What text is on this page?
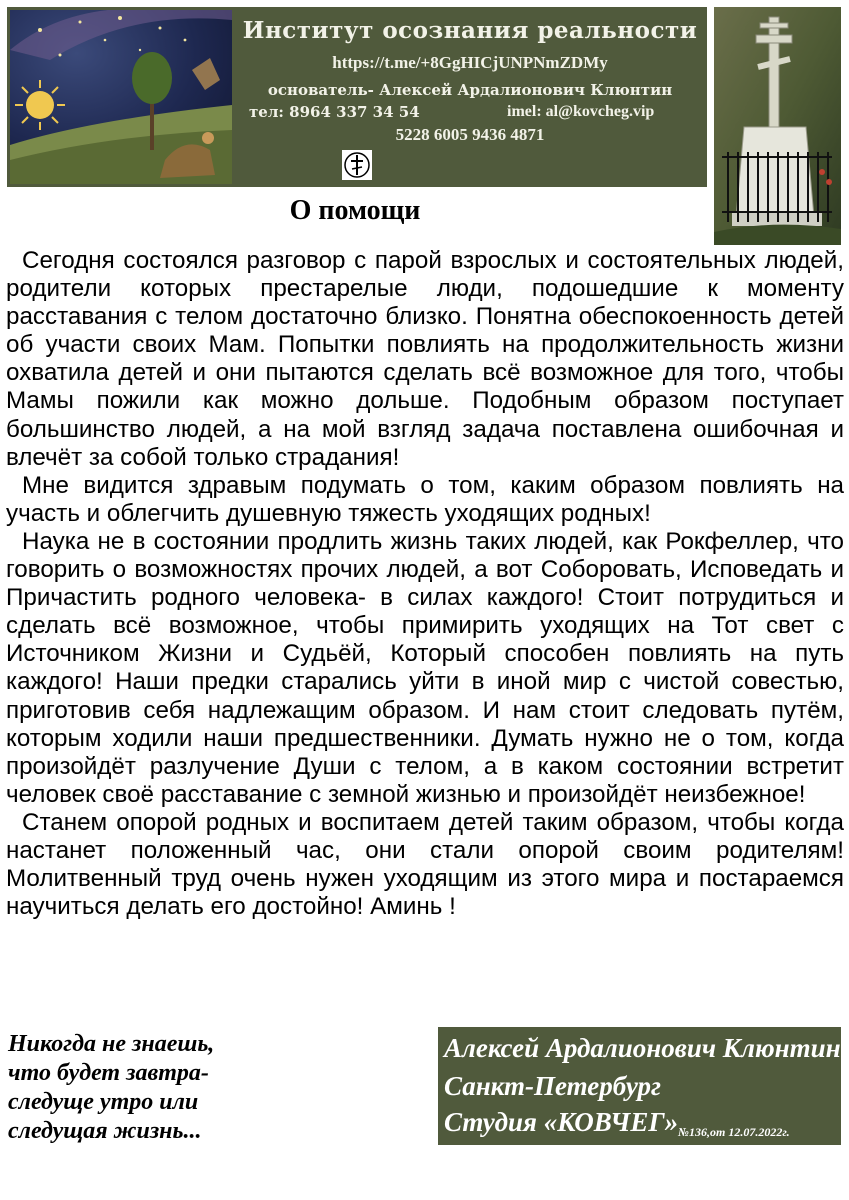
Институт осознания реальности
https://t.me/+8GgHICjUNPNmZDMy
основатель- Алексей Ардалионович Клюнтин
тел: 8964 337 34 54	imel: al@kovcheg.vip
5228 6005 9436 4871
О помощи

Сегодня состоялся разговор с парой взрослых и состоятельных людей, родители которых престарелые люди, подошедшие к моменту расставания с телом достаточно близко. Понятна обеспокоенность детей об участи своих Мам. Попытки повлиять на продолжительность жизни охватила детей и они пытаются сделать всё возможное для того, чтобы Мамы пожили как можно дольше. Подобным образом поступает большинство людей, а на мой взгляд задача поставлена ошибочная и влечёт за собой только страдания!

Мне видится здравым подумать о том, каким образом повлиять на участь и облегчить душевную тяжесть уходящих родных!

Наука не в состоянии продлить жизнь таких людей, как Рокфеллер, что говорить о возможностях прочих людей, а вот Соборовать, Исповедать и Причастить родного человека- в силах каждого! Стоит потрудиться и сделать всё возможное, чтобы примирить уходящих на Тот свет с Источником Жизни и Судьёй, Который способен повлиять на путь каждого! Наши предки старались уйти в иной мир с чистой совестью, приготовив себя надлежащим образом. И нам стоит следовать путём, которым ходили наши предшественники. Думать нужно не о том, когда произойдёт разлучение Души с телом, а в каком состоянии встретит человек своё расставание с земной жизнью и произойдёт неизбежное!

Станем опорой родных и воспитаем детей таким образом, чтобы когда настанет положенный час, они стали опорой своим родителям! Молитвенный труд очень нужен уходящим из этого мира и постараемся научиться делать его достойно! Аминь !

Никогда не знаешь,
что будет завтра-
следуще утро или
следущая жизнь...
Алексей Ардалионович Клюнтин
Санкт-Петербург
Студия «КОВЧЕГ» №136,от 12.07.2022г.
